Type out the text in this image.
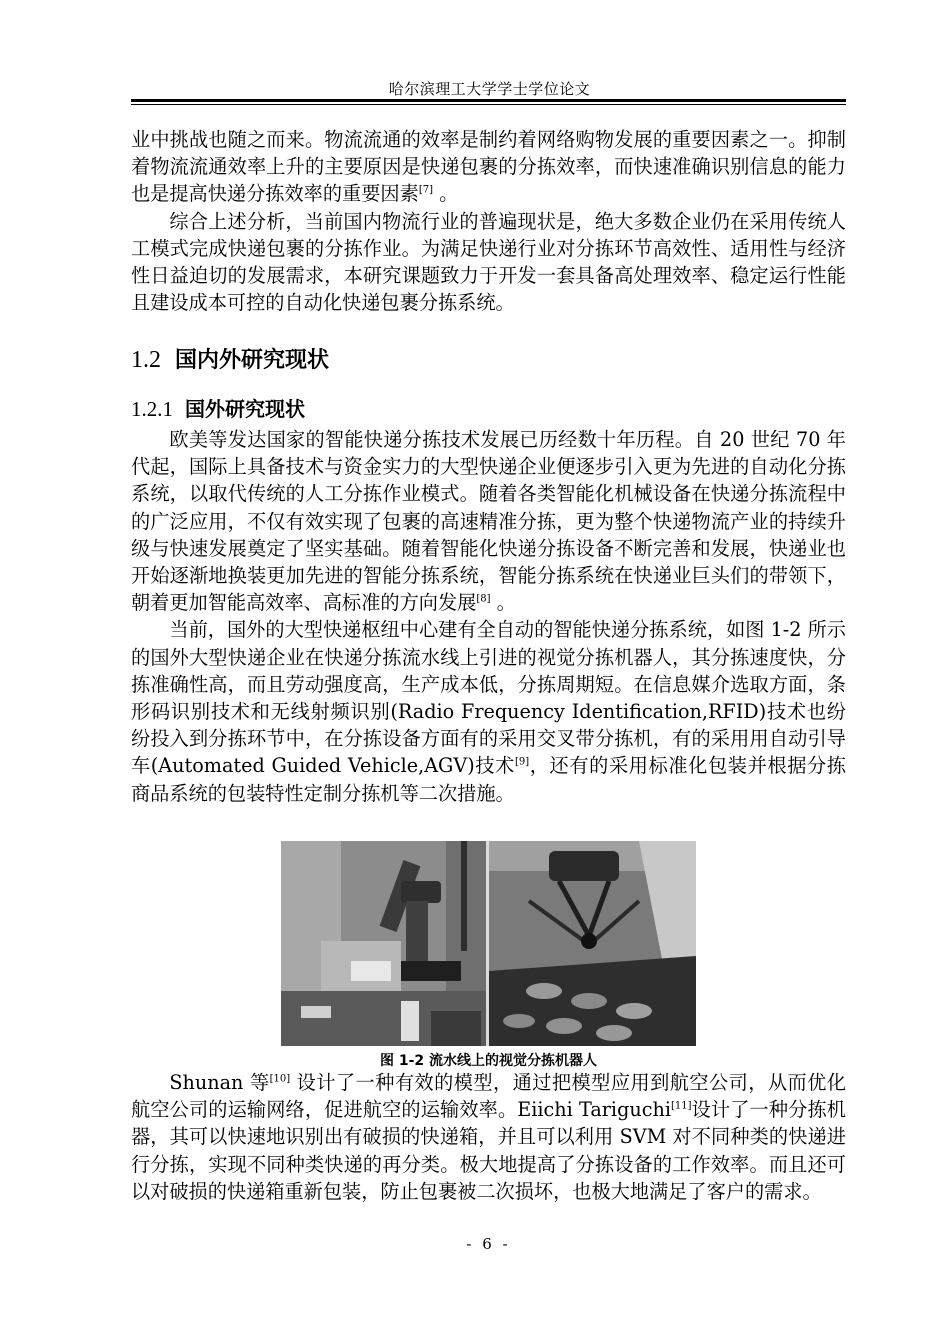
哈尔滨理工大学学士学位论文

业中挑战也随之而来。物流流通的效率是制约着网络购物发展的重要因素之一。抑制着物流流通效率上升的主要原因是快递包裹的分拣效率，而快速准确识别信息的能力也是提高快递分拣效率的重要因素[7] 。

综合上述分析，当前国内物流行业的普遍现状是，绝大多数企业仍在采用传统人工模式完成快递包裹的分拣作业。为满足快递行业对分拣环节高效性、适用性与经济性日益迫切的发展需求，本研究课题致力于开发一套具备高处理效率、稳定运行性能且建设成本可控的自动化快递包裹分拣系统。

1.2 国内外研究现状
1.2.1 国外研究现状

欧美等发达国家的智能快递分拣技术发展已历经数十年历程。自 20 世纪 70 年代起，国际上具备技术与资金实力的大型快递企业便逐步引入更为先进的自动化分拣系统，以取代传统的人工分拣作业模式。随着各类智能化机械设备在快递分拣流程中的广泛应用，不仅有效实现了包裹的高速精准分拣，更为整个快递物流产业的持续升级与快速发展奠定了坚实基础。随着智能化快递分拣设备不断完善和发展，快递业也开始逐渐地换装更加先进的智能分拣系统，智能分拣系统在快递业巨头们的带领下，朝着更加智能高效率、高标准的方向发展[8] 。

当前，国外的大型快递枢纽中心建有全自动的智能快递分拣系统，如图 1-2 所示的国外大型快递企业在快递分拣流水线上引进的视觉分拣机器人，其分拣速度快，分拣准确性高，而且劳动强度高，生产成本低，分拣周期短。在信息媒介选取方面，条形码识别技术和无线射频识别(Radio Frequency Identification,RFID)技术也纷纷投入到分拣环节中，在分拣设备方面有的采用交叉带分拣机，有的采用用自动引导车(Automated Guided Vehicle,AGV)技术[9]，还有的采用标准化包装并根据分拣商品系统的包装特性定制分拣机等二次措施。

图 1-2 流水线上的视觉分拣机器人

Shunan 等[10] 设计了一种有效的模型，通过把模型应用到航空公司，从而优化航空公司的运输网络，促进航空的运输效率。Eiichi Tariguchi[11]设计了一种分拣机器，其可以快速地识别出有破损的快递箱，并且可以利用 SVM 对不同种类的快递进行分拣，实现不同种类快递的再分类。极大地提高了分拣设备的工作效率。而且还可以对破损的快递箱重新包装，防止包裹被二次损坏，也极大地满足了客户的需求。

- 6 -
